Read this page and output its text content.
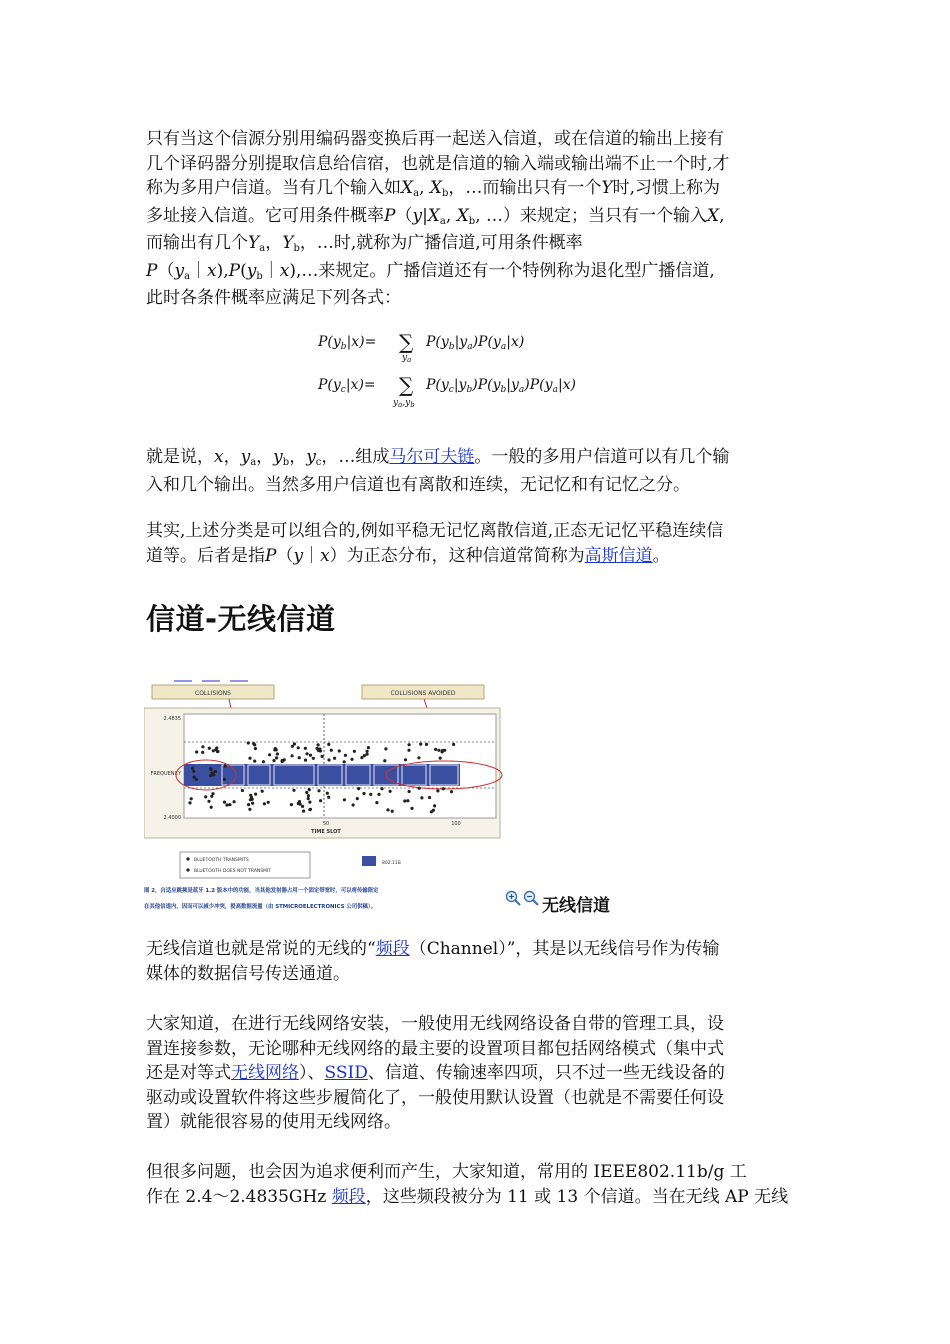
只有当这个信源分别用编码器变换后再一起送入信道，或在信道的输出上接有
几个译码器分别提取信息给信宿，也就是信道的输入端或输出端不止一个时,才
称为多用户信道。当有几个输入如Xa, Xb，…而输出只有一个Y时,习惯上称为
多址接入信道。它可用条件概率P（y|Xa, Xb, …）来规定；当只有一个输入X,
而输出有几个Ya，Yb，…时,就称为广播信道,可用条件概率
P（ya｜x),P(yb｜x),…来规定。广播信道还有一个特例称为退化型广播信道,
此时各条件概率应满足下列各式：
$P(y_b|x)=$ ∑
$y_a$
$P(y_b|y_a)P(y_a|x)$
$P(y_c|x)=$ ∑
$y_a,y_b$
$P(y_c|y_b)P(y_b|y_a)P(y_a|x)$
就是说，x，ya，yb，yc，…组成马尔可夫链。一般的多用户信道可以有几个输
入和几个输出。当然多用户信道也有离散和连续，无记忆和有记忆之分。
其实,上述分类是可以组合的,例如平稳无记忆离散信道,正态无记忆平稳连续信
道等。后者是指P（y｜x）为正态分布，这种信道常简称为高斯信道。
信道-无线信道
COLLISIONS	COLLISIONS AVOIDED
2.4835
FREQUENCY
2.4000
50	100
TIME SLOT
BLUETOOTH TRANSMITS
BLUETOOTH DOES NOT TRANSMIT
802.11B
图 2，自适应跳频是蓝牙 1.2 版本中的功能，当其他发射器占用一个固定带宽时，可以将传输限定
在其他信道内，因而可以减少冲突，提高数据流量（由 STMICROELECTRONICS 公司供稿）。	无线信道
无线信道也就是常说的无线的“频段（Channel）”，其是以无线信号作为传输
媒体的数据信号传送通道。
大家知道，在进行无线网络安装，一般使用无线网络设备自带的管理工具，设
置连接参数，无论哪种无线网络的最主要的设置项目都包括网络模式（集中式
还是对等式无线网络）、SSID、信道、传输速率四项，只不过一些无线设备的
驱动或设置软件将这些步履简化了，一般使用默认设置（也就是不需要任何设
置）就能很容易的使用无线网络。
但很多问题，也会因为追求便利而产生，大家知道，常用的 IEEE802.11b/g 工
作在 2.4～2.4835GHz 频段，这些频段被分为 11 或 13 个信道。当在无线 AP 无线
